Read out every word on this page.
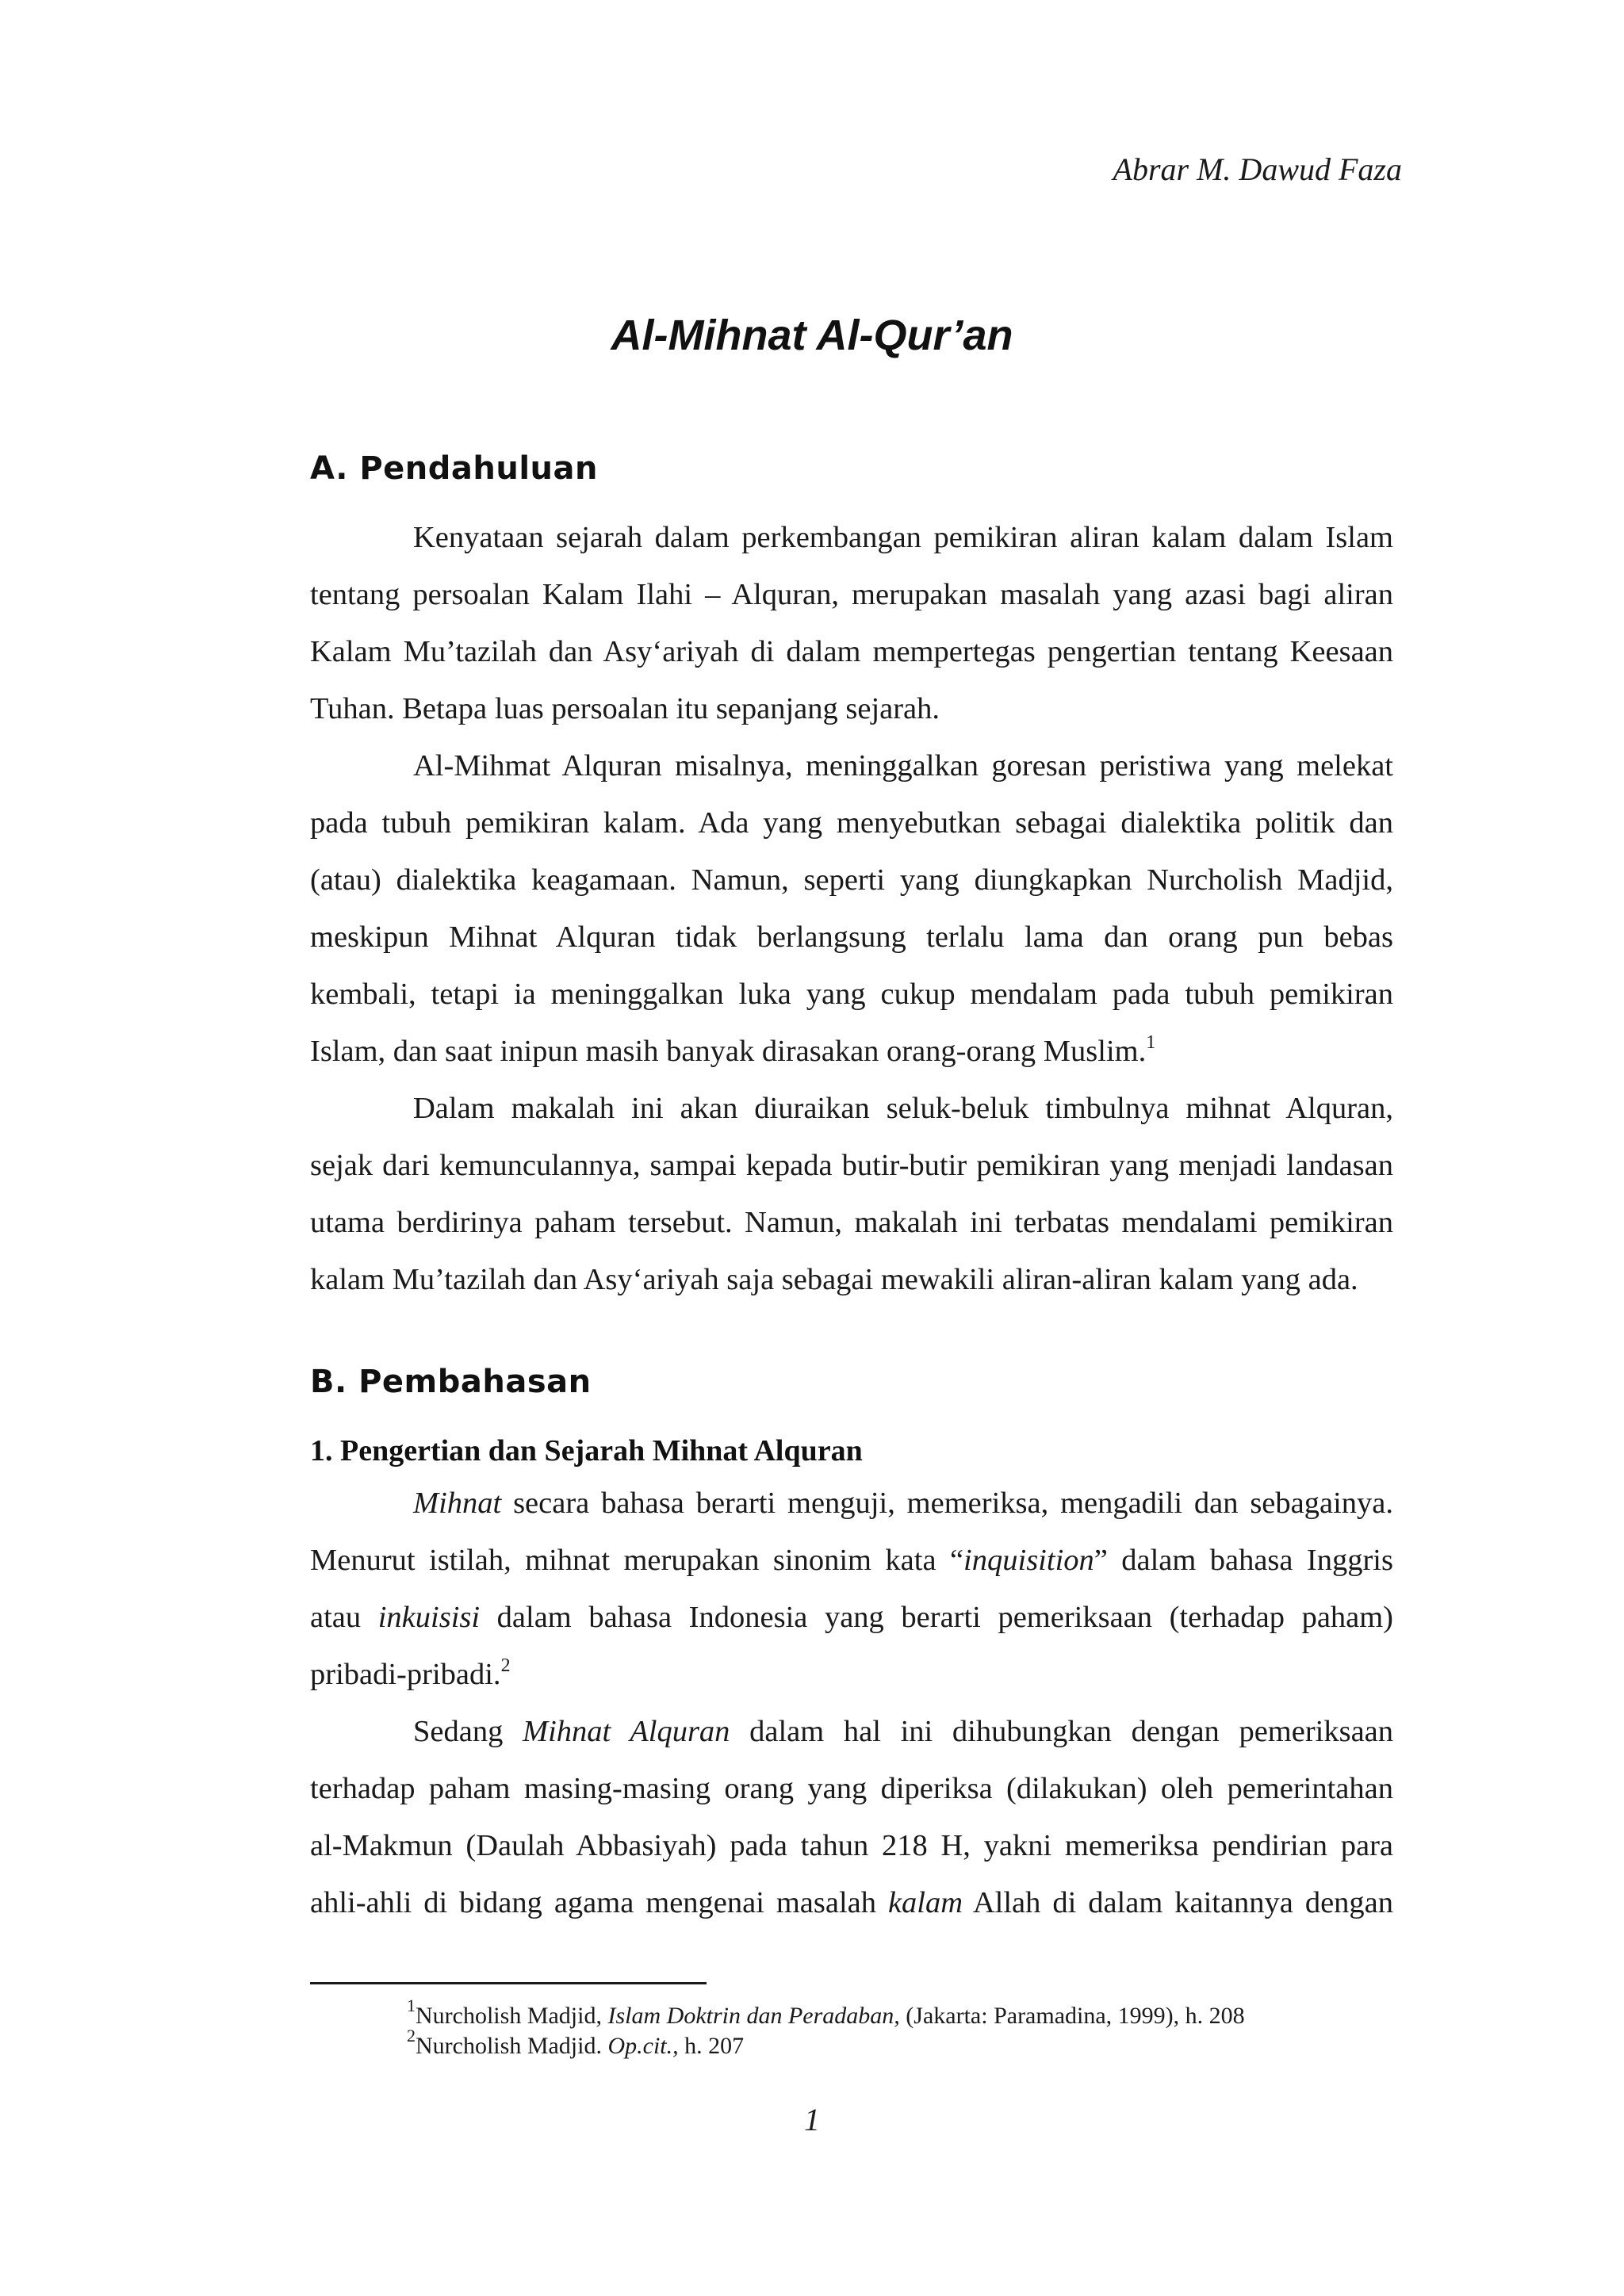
Abrar M. Dawud Faza
Al-Mihnat Al-Qur’an
A. Pendahuluan
Kenyataan sejarah dalam perkembangan pemikiran aliran kalam dalam Islam
tentang persoalan Kalam Ilahi – Alquran, merupakan masalah yang azasi bagi aliran
Kalam Mu’tazilah dan Asy‘ariyah di dalam mempertegas pengertian tentang Keesaan
Tuhan. Betapa luas persoalan itu sepanjang sejarah.
Al-Mihmat Alquran misalnya, meninggalkan goresan peristiwa yang melekat
pada tubuh pemikiran kalam. Ada yang menyebutkan sebagai dialektika politik dan
(atau) dialektika keagamaan. Namun, seperti yang diungkapkan Nurcholish Madjid,
meskipun Mihnat Alquran tidak berlangsung terlalu lama dan orang pun bebas
kembali, tetapi ia meninggalkan luka yang cukup mendalam pada tubuh pemikiran
Islam, dan saat inipun masih banyak dirasakan orang-orang Muslim.$^1$
Dalam makalah ini akan diuraikan seluk-beluk timbulnya mihnat Alquran,
sejak dari kemunculannya, sampai kepada butir-butir pemikiran yang menjadi landasan
utama berdirinya paham tersebut. Namun, makalah ini terbatas mendalami pemikiran
kalam Mu’tazilah dan Asy‘ariyah saja sebagai mewakili aliran-aliran kalam yang ada.
B. Pembahasan
1. Pengertian dan Sejarah Mihnat Alquran
Mihnat secara bahasa berarti menguji, memeriksa, mengadili dan sebagainya.
Menurut istilah, mihnat merupakan sinonim kata “inquisition” dalam bahasa Inggris
atau inkuisisi dalam bahasa Indonesia yang berarti pemeriksaan (terhadap paham)
pribadi-pribadi.$^2$
Sedang Mihnat Alquran dalam hal ini dihubungkan dengan pemeriksaan
terhadap paham masing-masing orang yang diperiksa (dilakukan) oleh pemerintahan
al-Makmun (Daulah Abbasiyah) pada tahun 218 H, yakni memeriksa pendirian para
ahli-ahli di bidang agama mengenai masalah kalam Allah di dalam kaitannya dengan
$^1$Nurcholish Madjid, Islam Doktrin dan Peradaban, (Jakarta: Paramadina, 1999), h. 208
$^2$Nurcholish Madjid. Op.cit., h. 207
1
